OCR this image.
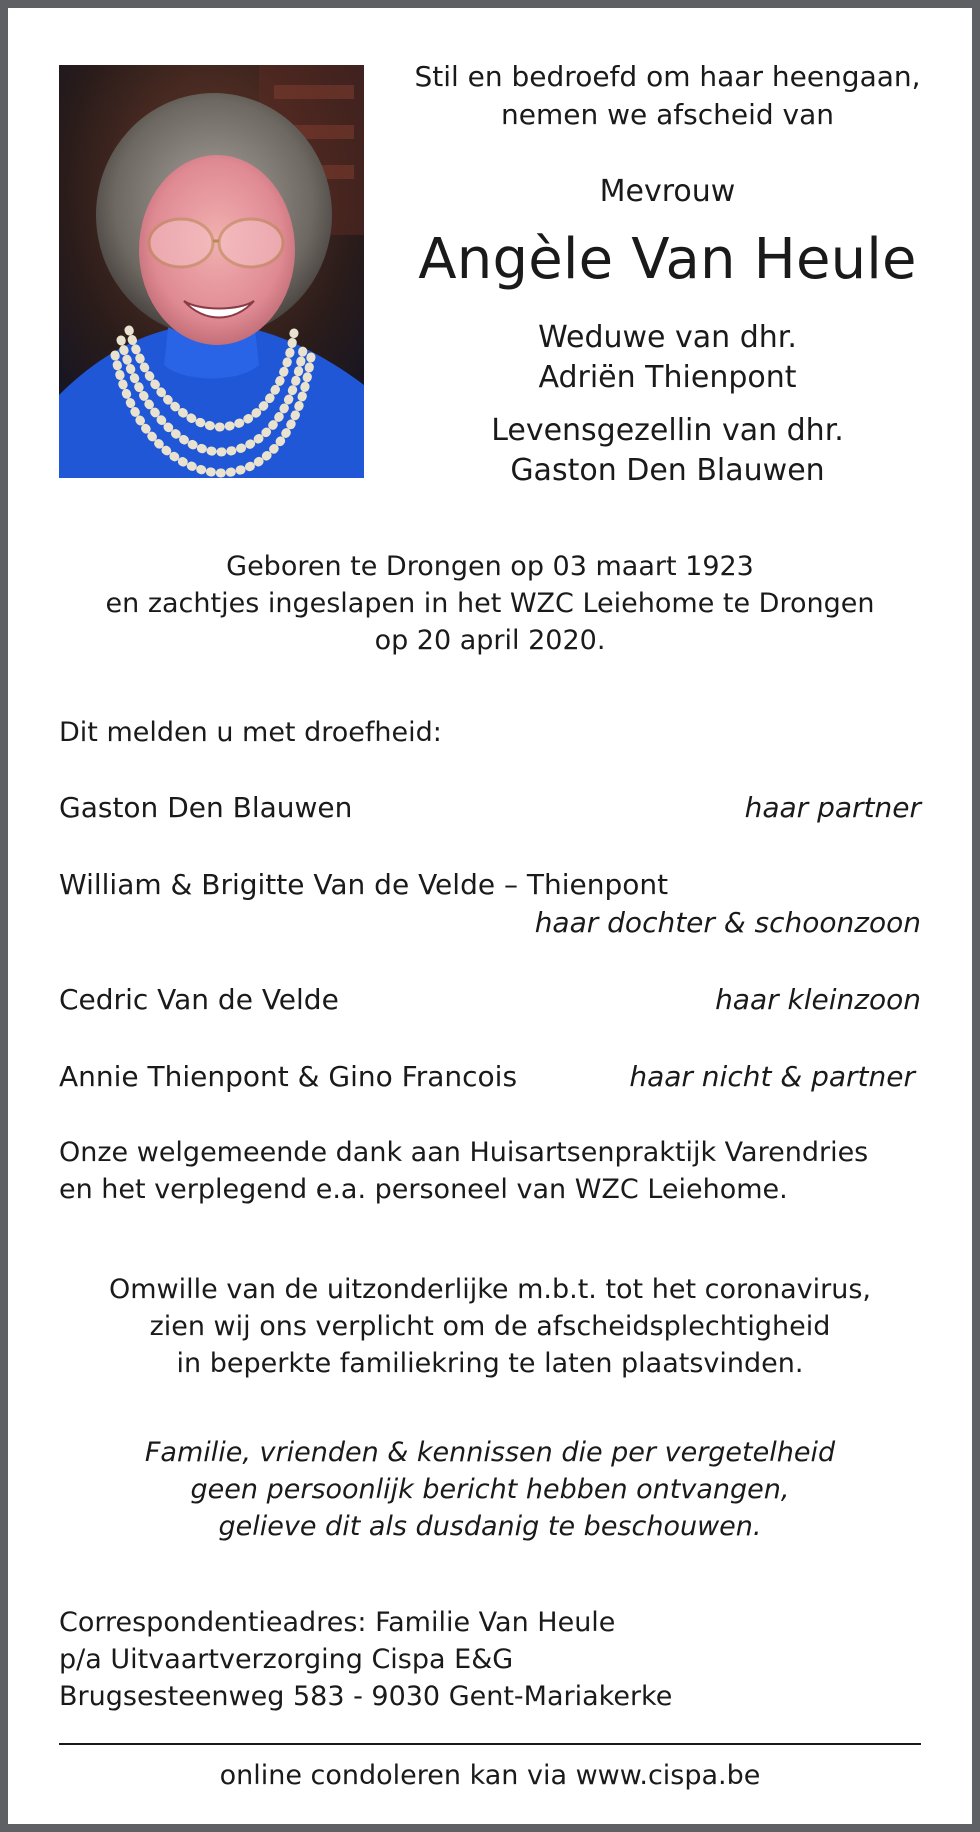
Stil en bedroefd om haar heengaan,
nemen we afscheid van
Mevrouw
Angèle Van Heule
Weduwe van dhr.
Adriën Thienpont
Levensgezellin van dhr.
Gaston Den Blauwen
Geboren te Drongen op 03 maart 1923
en zachtjes ingeslapen in het WZC Leiehome te Drongen
op 20 april 2020.
Dit melden u met droefheid:
Gaston Den Blauwen	haar partner
William & Brigitte Van de Velde – Thienpont
haar dochter & schoonzoon
Cedric Van de Velde	haar kleinzoon
Annie Thienpont & Gino Francois	haar nicht & partner
Onze welgemeende dank aan Huisartsenpraktijk Varendries
en het verplegend e.a. personeel van WZC Leiehome.
Omwille van de uitzonderlijke m.b.t. tot het coronavirus,
zien wij ons verplicht om de afscheidsplechtigheid
in beperkte familiekring te laten plaatsvinden.
Familie, vrienden & kennissen die per vergetelheid
geen persoonlijk bericht hebben ontvangen,
gelieve dit als dusdanig te beschouwen.
Correspondentieadres: Familie Van Heule
p/a Uitvaartverzorging Cispa E&G
Brugsesteenweg 583 - 9030 Gent-Mariakerke
online condoleren kan via www.cispa.be
